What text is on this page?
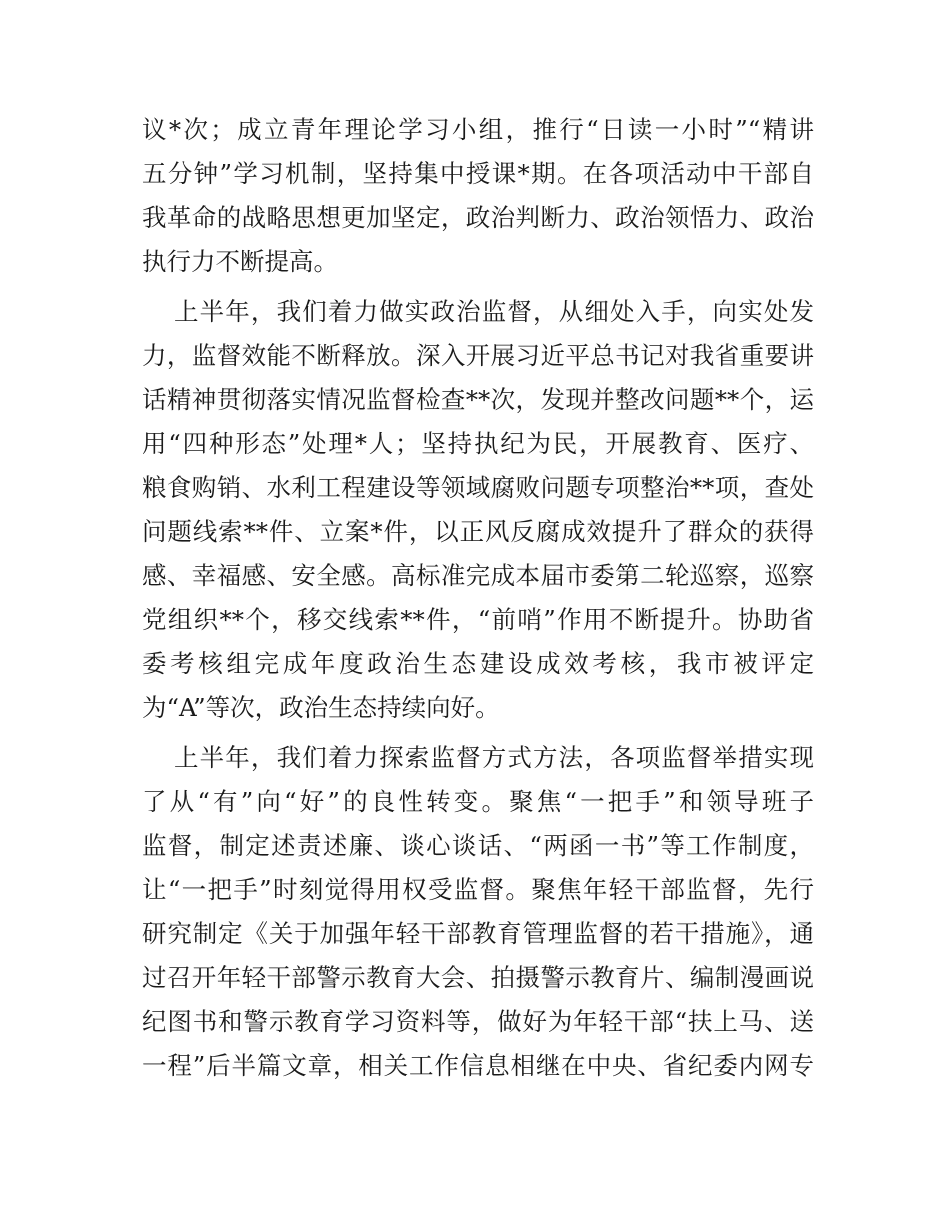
议*次；成立青年理论学习小组，推行“日读一小时”“精讲
五分钟”学习机制，坚持集中授课*期。在各项活动中干部自
我革命的战略思想更加坚定，政治判断力、政治领悟力、政治
执行力不断提高。
上半年，我们着力做实政治监督，从细处入手，向实处发
力，监督效能不断释放。深入开展习近平总书记对我省重要讲
话精神贯彻落实情况监督检查**次，发现并整改问题**个，运
用“四种形态”处理*人；坚持执纪为民，开展教育、医疗、
粮食购销、水利工程建设等领域腐败问题专项整治**项，查处
问题线索**件、立案*件，以正风反腐成效提升了群众的获得
感、幸福感、安全感。高标准完成本届市委第二轮巡察，巡察
党组织**个，移交线索**件，“前哨”作用不断提升。协助省
委考核组完成年度政治生态建设成效考核，我市被评定
为“A”等次，政治生态持续向好。
上半年，我们着力探索监督方式方法，各项监督举措实现
了从“有”向“好”的良性转变。聚焦“一把手”和领导班子
监督，制定述责述廉、谈心谈话、“两函一书”等工作制度，
让“一把手”时刻觉得用权受监督。聚焦年轻干部监督，先行
研究制定《关于加强年轻干部教育管理监督的若干措施》，通
过召开年轻干部警示教育大会、拍摄警示教育片、编制漫画说
纪图书和警示教育学习资料等，做好为年轻干部“扶上马、送
一程”后半篇文章，相关工作信息相继在中央、省纪委内网专
